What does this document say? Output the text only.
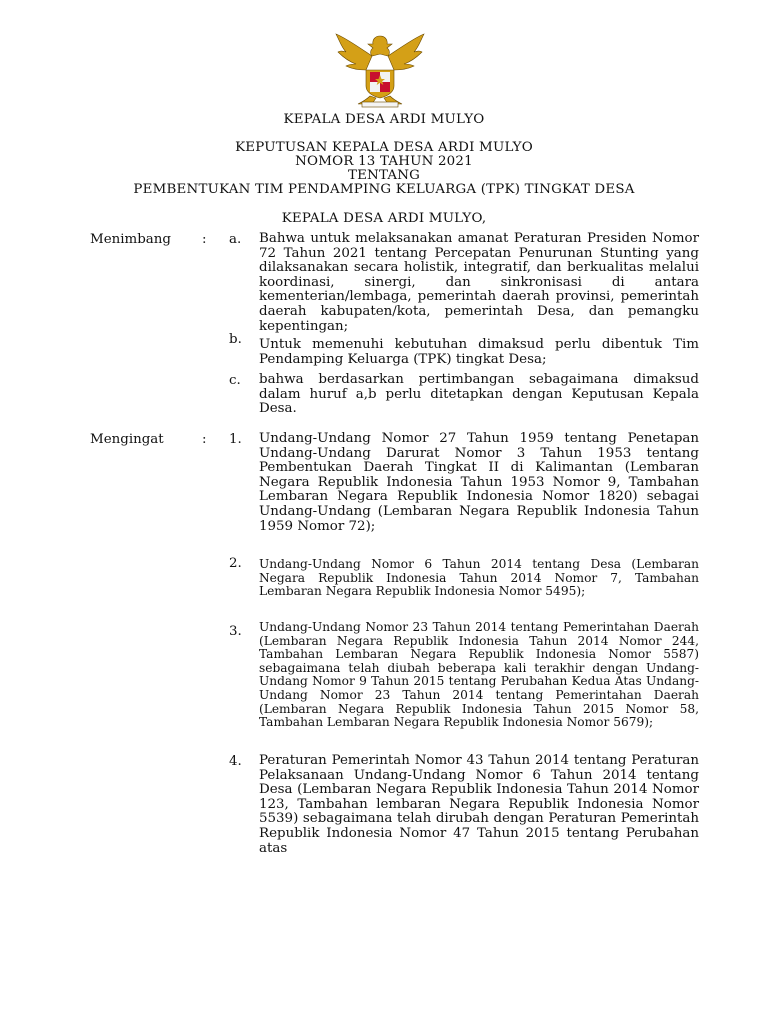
KEPALA DESA ARDI MULYO
KEPUTUSAN KEPALA DESA ARDI MULYO
NOMOR 13 TAHUN 2021
TENTANG
PEMBENTUKAN TIM PENDAMPING KELUARGA (TPK) TINGKAT DESA
KEPALA DESA ARDI MULYO,
Menimbang : a. Bahwa untuk melaksanakan amanat Peraturan Presiden Nomor 72 Tahun 2021 tentang Percepatan Penurunan Stunting yang dilaksanakan secara holistik, integratif, dan berkualitas melalui koordinasi, sinergi, dan sinkronisasi di antara kementerian/lembaga, pemerintah daerah provinsi, pemerintah daerah kabupaten/kota, pemerintah Desa, dan pemangku kepentingan;

b. Untuk memenuhi kebutuhan dimaksud perlu dibentuk Tim Pendamping Keluarga (TPK) tingkat Desa;

c. bahwa berdasarkan pertimbangan sebagaimana dimaksud dalam huruf a,b perlu ditetapkan dengan Keputusan Kepala Desa.

Mengingat	: 1. Undang-Undang Nomor 27 Tahun 1959 tentang Penetapan Undang-Undang Darurat Nomor 3 Tahun 1953 tentang Pembentukan Daerah Tingkat II di Kalimantan (Lembaran Negara Republik Indonesia Tahun 1953 Nomor 9, Tambahan Lembaran Negara Republik Indonesia Nomor 1820) sebagai Undang-Undang (Lembaran Negara Republik Indonesia Tahun 1959 Nomor 72);

2. Undang-Undang Nomor 6 Tahun 2014 tentang Desa (Lembaran Negara Republik Indonesia Tahun 2014 Nomor 7, Tambahan Lembaran Negara Republik Indonesia Nomor 5495);

3. Undang-Undang Nomor 23 Tahun 2014 tentang Pemerintahan Daerah (Lembaran Negara Republik Indonesia Tahun 2014 Nomor 244, Tambahan Lembaran Negara Republik Indonesia Nomor 5587) sebagaimana telah diubah beberapa kali terakhir dengan Undang- Undang Nomor 9 Tahun 2015 tentang Perubahan Kedua Atas Undang-Undang Nomor 23 Tahun 2014 tentang Pemerintahan Daerah (Lembaran Negara Republik Indonesia Tahun 2015 Nomor 58, Tambahan Lembaran Negara Republik Indonesia Nomor 5679);

4. Peraturan Pemerintah Nomor 43 Tahun 2014 tentang Peraturan Pelaksanaan Undang-Undang Nomor 6 Tahun 2014 tentang Desa (Lembaran Negara Republik Indonesia Tahun 2014 Nomor 123, Tambahan lembaran Negara Republik Indonesia Nomor 5539) sebagaimana telah dirubah dengan Peraturan Pemerintah Republik Indonesia Nomor 47 Tahun 2015 tentang Perubahan atas
